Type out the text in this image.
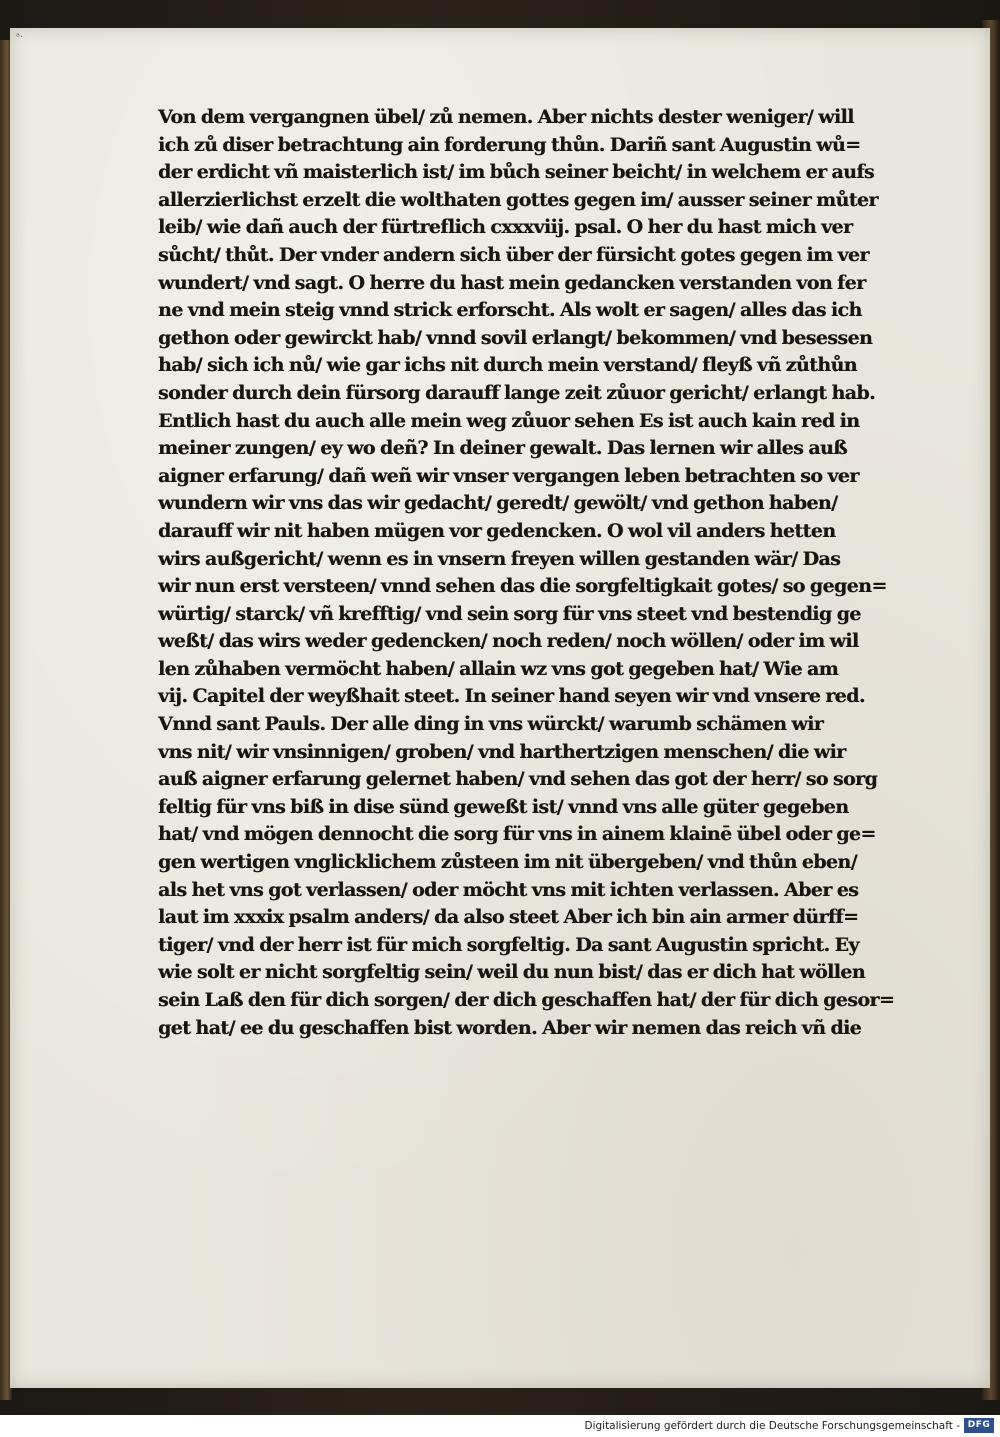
ᵃ·
Von dem vergangnen übel/ zů nemen. Aber nichts dester weniger/ will
ich zů diser betrachtung ain forderung thůn. Dariñ sant Augustin wů=
der erdicht vñ maisterlich ist/ im bůch seiner beicht/ in welchem er aufs
allerzierlichst erzelt die wolthaten gottes gegen im/ ausser seiner můter
leib/ wie dañ auch der fürtreflich cxxxviij. psal. O her du hast mich ver
sůcht/ thůt. Der vnder andern sich über der fürsicht gotes gegen im ver
wundert/ vnd sagt. O herre du hast mein gedancken verstanden von fer
ne vnd mein steig vnnd strick erforscht. Als wolt er sagen/ alles das ich
gethon oder gewirckt hab/ vnnd sovil erlangt/ bekommen/ vnd besessen
hab/ sich ich nů/ wie gar ichs nit durch mein verstand/ fleyß vñ zůthůn
sonder durch dein fürsorg darauff lange zeit zůuor gericht/ erlangt hab.
Entlich hast du auch alle mein weg zůuor sehen Es ist auch kain red in
meiner zungen/ ey wo deñ? In deiner gewalt. Das lernen wir alles auß
aigner erfarung/ dañ weñ wir vnser vergangen leben betrachten so ver
wundern wir vns das wir gedacht/ geredt/ gewölt/ vnd gethon haben/
darauff wir nit haben mügen vor gedencken. O wol vil anders hetten
wirs außgericht/ wenn es in vnsern freyen willen gestanden wär/ Das
wir nun erst versteen/ vnnd sehen das die sorgfeltigkait gotes/ so gegen=
würtig/ starck/ vñ krefftig/ vnd sein sorg für vns steet vnd bestendig ge
weßt/ das wirs weder gedencken/ noch reden/ noch wöllen/ oder im wil
len zůhaben vermöcht haben/ allain wz vns got gegeben hat/ Wie am
vij. Capitel der weyßhait steet. In seiner hand seyen wir vnd vnsere red.
Vnnd sant Pauls. Der alle ding in vns würckt/ warumb schämen wir
vns nit/ wir vnsinnigen/ groben/ vnd harthertzigen menschen/ die wir
auß aigner erfarung gelernet haben/ vnd sehen das got der herr/ so sorg
feltig für vns biß in dise sünd geweßt ist/ vnnd vns alle güter gegeben
hat/ vnd mögen dennocht die sorg für vns in ainem klainē übel oder ge=
gen wertigen vnglicklichem zůsteen im nit übergeben/ vnd thůn eben/
als het vns got verlassen/ oder möcht vns mit ichten verlassen. Aber es
laut im xxxix psalm anders/ da also steet Aber ich bin ain armer dürff=
tiger/ vnd der herr ist für mich sorgfeltig. Da sant Augustin spricht. Ey
wie solt er nicht sorgfeltig sein/ weil du nun bist/ das er dich hat wöllen
sein Laß den für dich sorgen/ der dich geschaffen hat/ der für dich gesor=
get hat/ ee du geschaffen bist worden. Aber wir nemen das reich vñ die
Digitalisierung gefördert durch die Deutsche Forschungsgemeinschaft - DFG
